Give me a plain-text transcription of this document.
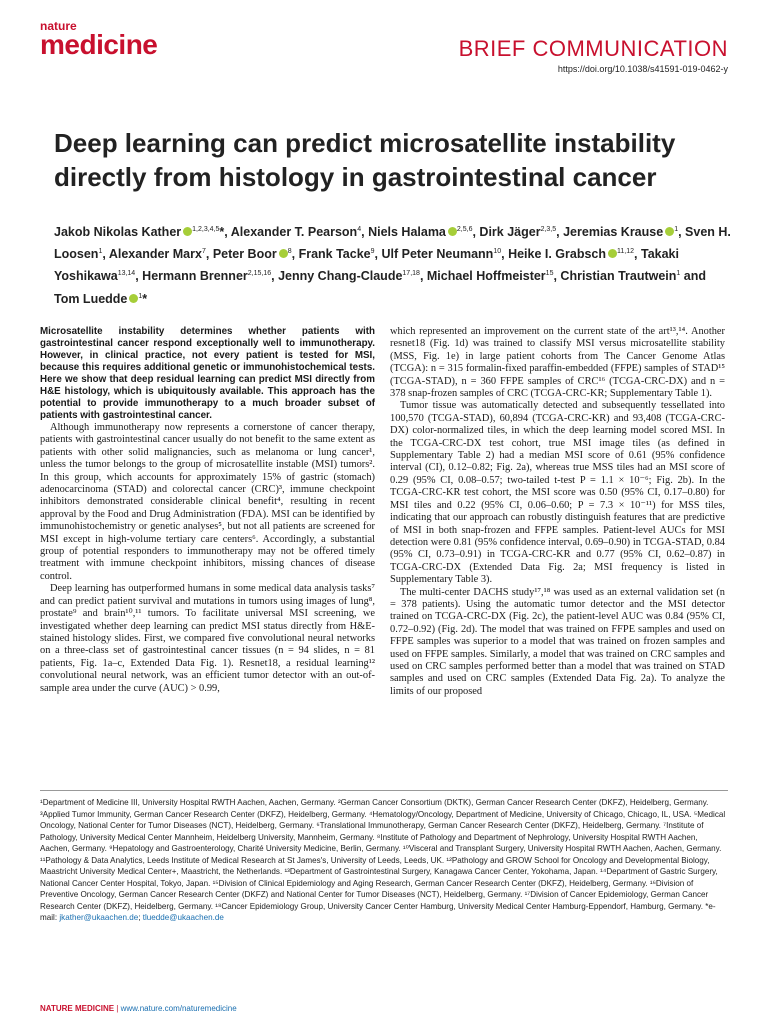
nature
medicine	BRIEF COMMUNICATION
https://doi.org/10.1038/s41591-019-0462-y
Deep learning can predict microsatellite instability directly from histology in gastrointestinal cancer
Jakob Nikolas Kather $^{1,2,3,4,5}$*, Alexander T. Pearson$^4$, Niels Halama $^{2,5,6}$, Dirk Jäger$^{2,3,5}$, Jeremias Krause $^1$, Sven H. Loosen$^1$, Alexander Marx$^7$, Peter Boor $^8$, Frank Tacke$^9$, Ulf Peter Neumann$^{10}$, Heike I. Grabsch $^{11,12}$, Takaki Yoshikawa$^{13,14}$, Hermann Brenner$^{2,15,16}$, Jenny Chang-Claude$^{17,18}$, Michael Hoffmeister$^{15}$, Christian Trautwein$^1$ and Tom Luedde $^1$*

Microsatellite instability determines whether patients with gastrointestinal cancer respond exceptionally well to immunotherapy. However, in clinical practice, not every patient is tested for MSI, because this requires additional genetic or immunohistochemical tests. Here we show that deep residual learning can predict MSI directly from H&E histology, which is ubiquitously available. This approach has the potential to provide immunotherapy to a much broader subset of patients with gastrointestinal cancer.

Although immunotherapy now represents a cornerstone of cancer therapy, patients with gastrointestinal cancer usually do not benefit to the same extent as patients with other solid malignancies, such as melanoma or lung cancer¹, unless the tumor belongs to the group of microsatellite instable (MSI) tumors². In this group, which accounts for approximately 15% of gastric (stomach) adenocarcinoma (STAD) and colorectal cancer (CRC)³, immune checkpoint inhibitors demonstrated considerable clinical benefit⁴, resulting in recent approval by the Food and Drug Administration (FDA). MSI can be identified by immunohistochemistry or genetic analyses⁵, but not all patients are screened for MSI except in high-volume tertiary care centers⁶. Accordingly, a substantial group of potential responders to immunotherapy may not be offered timely treatment with immune checkpoint inhibitors, missing chances of disease control.

Deep learning has outperformed humans in some medical data analysis tasks⁷ and can predict patient survival and mutations in tumors using images of lung⁸, prostate⁹ and brain¹⁰,¹¹ tumors. To facilitate universal MSI screening, we investigated whether deep learning can predict MSI status directly from H&E-stained histology slides. First, we compared five convolutional neural networks on a three-class set of gastrointestinal cancer tissues (n = 94 slides, n = 81 patients, Fig. 1a–c, Extended Data Fig. 1). Resnet18, a residual learning¹² convolutional neural network, was an efficient tumor detector with an out-of-sample area under the curve (AUC) > 0.99,

which represented an improvement on the current state of the art¹³,¹⁴. Another resnet18 (Fig. 1d) was trained to classify MSI versus microsatellite stability (MSS, Fig. 1e) in large patient cohorts from The Cancer Genome Atlas (TCGA): n = 315 formalin-fixed paraffin-embedded (FFPE) samples of STAD¹⁵ (TCGA-STAD), n = 360 FFPE samples of CRC¹⁶ (TCGA-CRC-DX) and n = 378 snap-frozen samples of CRC (TCGA-CRC-KR; Supplementary Table 1).

Tumor tissue was automatically detected and subsequently tessellated into 100,570 (TCGA-STAD), 60,894 (TCGA-CRC-KR) and 93,408 (TCGA-CRC-DX) color-normalized tiles, in which the deep learning model scored MSI. In the TCGA-CRC-DX test cohort, true MSI image tiles (as defined in Supplementary Table 2) had a median MSI score of 0.61 (95% confidence interval (CI), 0.12–0.82; Fig. 2a), whereas true MSS tiles had an MSI score of 0.29 (95% CI, 0.08–0.57; two-tailed t-test P = 1.1 × 10⁻⁶; Fig. 2b). In the TCGA-CRC-KR test cohort, the MSI score was 0.50 (95% CI, 0.17–0.80) for MSI tiles and 0.22 (95% CI, 0.06–0.60; P = 7.3 × 10⁻¹¹) for MSS tiles, indicating that our approach can robustly distinguish features that are predictive of MSI in both snap-frozen and FFPE samples. Patient-level AUCs for MSI detection were 0.81 (95% confidence interval, 0.69–0.90) in TCGA-STAD, 0.84 (95% CI, 0.73–0.91) in TCGA-CRC-KR and 0.77 (95% CI, 0.62–0.87) in TCGA-CRC-DX (Extended Data Fig. 2a; MSI frequency is listed in Supplementary Table 3).

The multi-center DACHS study¹⁷,¹⁸ was used as an external validation set (n = 378 patients). Using the automatic tumor detector and the MSI detector trained on TCGA-CRC-DX (Fig. 2c), the patient-level AUC was 0.84 (95% CI, 0.72–0.92) (Fig. 2d). The model that was trained on FFPE samples and used on FFPE samples was superior to a model that was trained on frozen samples and used on FFPE samples. Similarly, a model that was trained on CRC samples and used on CRC samples performed better than a model that was trained on STAD samples and used on CRC samples (Extended Data Fig. 2a). To analyze the limits of our proposed

¹Department of Medicine III, University Hospital RWTH Aachen, Aachen, Germany. ²German Cancer Consortium (DKTK), German Cancer Research Center (DKFZ), Heidelberg, Germany. ³Applied Tumor Immunity, German Cancer Research Center (DKFZ), Heidelberg, Germany. ⁴Hematology/Oncology, Department of Medicine, University of Chicago, Chicago, IL, USA. ⁵Medical Oncology, National Center for Tumor Diseases (NCT), Heidelberg, Germany. ⁶Translational Immunotherapy, German Cancer Research Center (DKFZ), Heidelberg, Germany. ⁷Institute of Pathology, University Medical Center Mannheim, Heidelberg University, Mannheim, Germany. ⁸Institute of Pathology and Department of Nephrology, University Hospital RWTH Aachen, Aachen, Germany. ⁹Hepatology and Gastroenterology, Charité University Medicine, Berlin, Germany. ¹⁰Visceral and Transplant Surgery, University Hospital RWTH Aachen, Aachen, Germany. ¹¹Pathology & Data Analytics, Leeds Institute of Medical Research at St James's, University of Leeds, Leeds, UK. ¹²Pathology and GROW School for Oncology and Developmental Biology, Maastricht University Medical Center+, Maastricht, the Netherlands. ¹³Department of Gastrointestinal Surgery, Kanagawa Cancer Center, Yokohama, Japan. ¹⁴Department of Gastric Surgery, National Cancer Center Hospital, Tokyo, Japan. ¹⁵Division of Clinical Epidemiology and Aging Research, German Cancer Research Center (DKFZ), Heidelberg, Germany. ¹⁶Division of Preventive Oncology, German Cancer Research Center (DKFZ) and National Center for Tumor Diseases (NCT), Heidelberg, Germany. ¹⁷Division of Cancer Epidemiology, German Cancer Research Center (DKFZ), Heidelberg, Germany. ¹⁸Cancer Epidemiology Group, University Cancer Center Hamburg, University Medical Center Hamburg-Eppendorf, Hamburg, Germany. *e-mail: jkather@ukaachen.de; tluedde@ukaachen.de
NATURE MEDICINE | www.nature.com/naturemedicine
